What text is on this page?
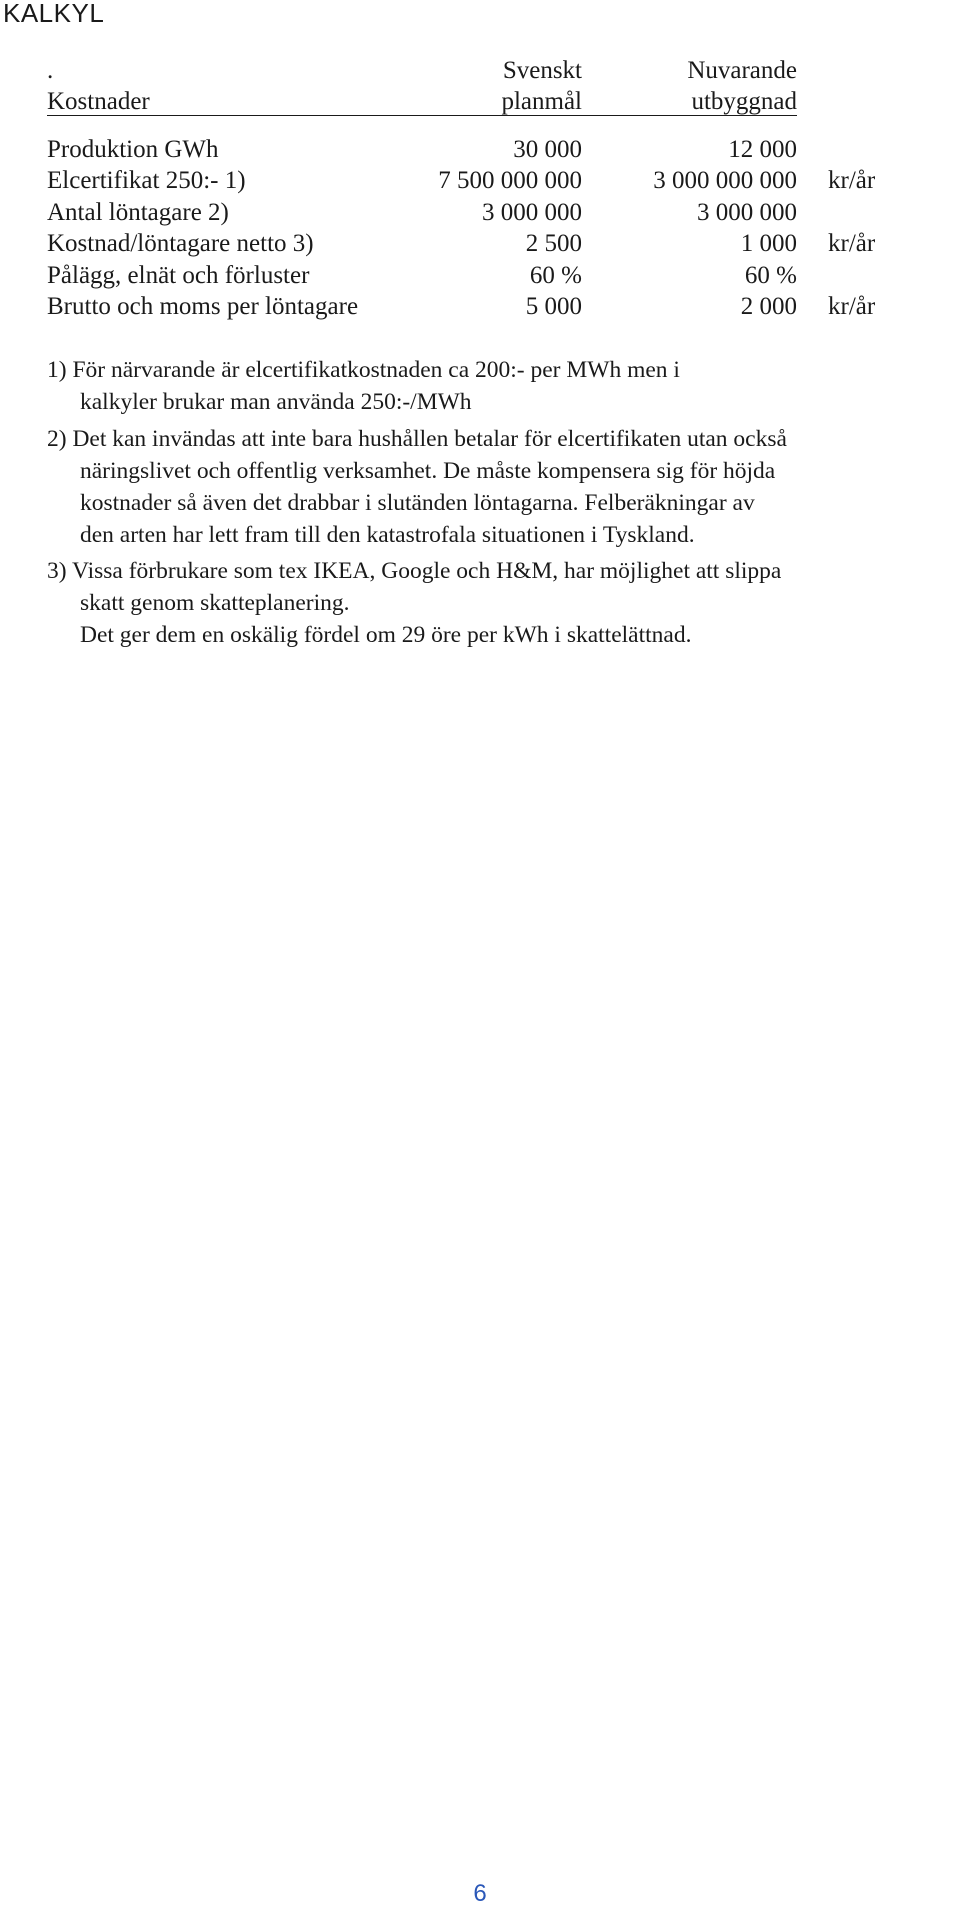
KALKYL
.	Svenskt	Nuvarande
Kostnader	planmål	utbyggnad
Produktion GWh	30 000	12 000
Elcertifikat 250:- 1)	7 500 000 000	3 000 000 000 kr/år
Antal löntagare 2)	3 000 000	3 000 000
Kostnad/löntagare netto 3)	2 500	1 000 kr/år
Pålägg, elnät och förluster	60 %	60 %
Brutto och moms per löntagare	5 000	2 000 kr/år
1) För närvarande är elcertifikatkostnaden ca 200:- per MWh men i
kalkyler brukar man använda 250:-/MWh
2) Det kan invändas att inte bara hushållen betalar för elcertifikaten utan också
näringslivet och offentlig verksamhet. De måste kompensera sig för höjda
kostnader så även det drabbar i slutänden löntagarna. Felberäkningar av
den arten har lett fram till den katastrofala situationen i Tyskland.
3) Vissa förbrukare som tex IKEA, Google och H&M, har möjlighet att slippa
skatt genom skatteplanering.
Det ger dem en oskälig fördel om 29 öre per kWh i skattelättnad.
6
